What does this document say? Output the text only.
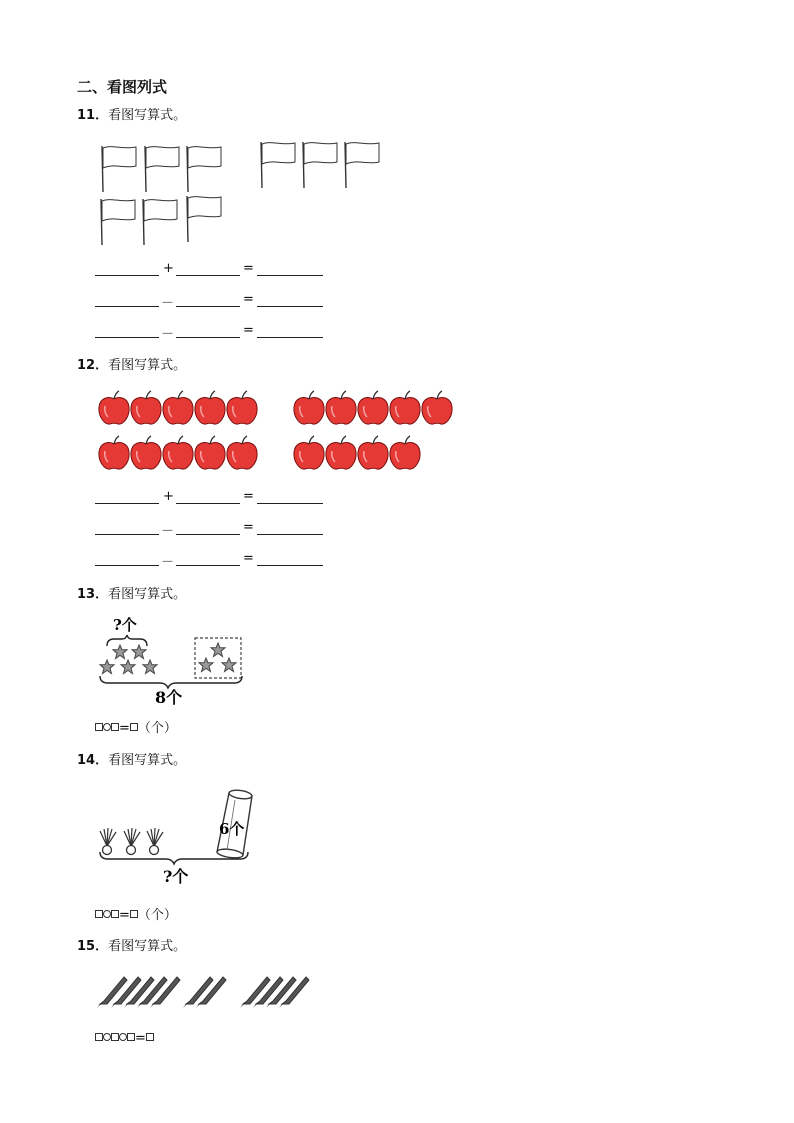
二、看图列式
11．看图写算式。
+	=
－	=
－	=
12．看图写算式。
+	=
－	=
－	=
13．看图写算式。
?个
8个
= （个）
14．看图写算式。
6个
?个
= （个）
15．看图写算式。
=
